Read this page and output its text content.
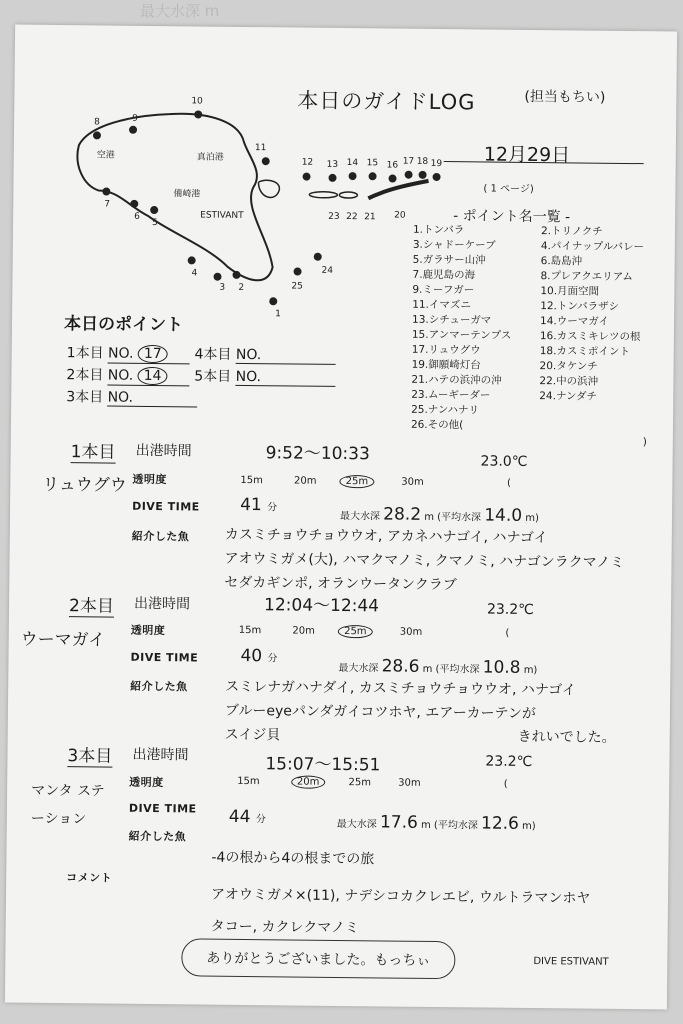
最大水深 m
本日のガイドLOG	(担当もちい)
12月29日
( 1 ページ)
空港	真泊港
備崎港
ESTIVANT
1
2
3
4
5
6
7
8	9
10
11
12 13 14 15 16 17 18 19
20
21
22
23
24
25
- ポイント名一覧 -
1.トンバラ
3.シャドーケーブ
5.ガラサー山沖
7.鹿児島の海
9.ミーフガー
11.イマズニ
13.シチューガマ
15.アンマーテンプス
17.リュウグウ
19.御願崎灯台
21.ハテの浜沖の沖
23.ムーギーダー
25.ナンハナリ
26.その他(
2.トリノクチ
4.パイナップルバレー
6.島島沖
8.プレアクエリアム
10.月面空間
12.トンバラザシ
14.ウーマガイ
16.カスミキレツの根
18.カスミポイント
20.タケンチ
22.中の浜沖
24.ナンダチ
)
本日のポイント
1本目 NO. 17 4本目 NO.
2本目 NO. 14 5本目 NO.
3本目 NO.
1本目
リュウグウ
出港時間	9:52〜10:33	23.0℃
透明度	15m	20m	25m	30m	(
DIVE TIME 41 分
最大水深 28.2 m (平均水深 14.0 m)
紹介した魚	カスミチョウチョウウオ, アカネハナゴイ, ハナゴイ
アオウミガメ(大), ハマクマノミ, クマノミ, ハナゴンラクマノミ
セダカギンポ, オランウータンクラブ
2本目
ウーマガイ
出港時間	12:04〜12:44	23.2℃
透明度	15m	20m	25m	30m	(
DIVE TIME 40 分
最大水深 28.6 m (平均水深 10.8 m)
紹介した魚	スミレナガハナダイ, カスミチョウチョウウオ, ハナゴイ
ブルーeyeパンダガイコツホヤ, エアーカーテンが
スイジ貝	きれいでした。
3本目
マンタ ステーション
出港時間	15:07〜15:51	23.2℃
透明度	15m	20m	25m	30m	(
DIVE TIME 44 分	最大水深 17.6 m (平均水深 12.6 m)
紹介した魚
-4の根から4の根までの旅
コメント
アオウミガメ×(11), ナデシコカクレエビ, ウルトラマンホヤ
タコー, カクレクマノミ
ありがとうございました。もっちぃ	DIVE ESTIVANT
